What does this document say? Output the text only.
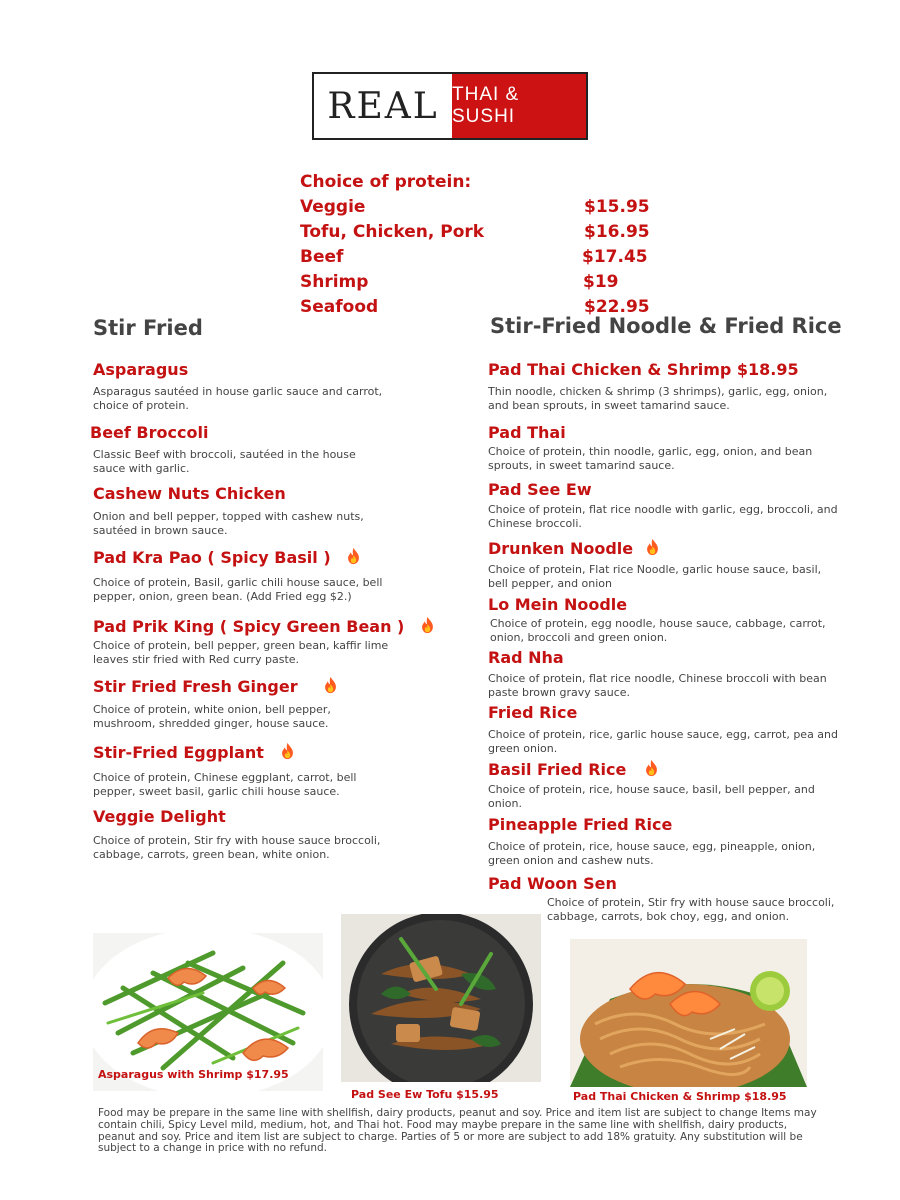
REAL THAI & SUSHI
Choice of protein:
Veggie	$15.95
Tofu, Chicken, Pork	$16.95
Beef	$17.45
Shrimp	$19
Seafood	$22.95
Stir Fried	Stir-Fried Noodle & Fried Rice
Asparagus
Asparagus sautéed in house garlic sauce and carrot, choice of protein.
Beef Broccoli
Classic Beef with broccoli, sautéed in the house sauce with garlic.
Cashew Nuts Chicken
Onion and bell pepper, topped with cashew nuts, sautéed in brown sauce.
Pad Kra Pao ( Spicy Basil )
Choice of protein, Basil, garlic chili house sauce, bell pepper, onion, green bean. (Add Fried egg $2.)
Pad Prik King ( Spicy Green Bean )
Choice of protein, bell pepper, green bean, kaffir lime leaves stir fried with Red curry paste.
Stir Fried Fresh Ginger
Choice of protein, white onion, bell pepper, mushroom, shredded ginger, house sauce.
Stir-Fried Eggplant
Choice of protein, Chinese eggplant, carrot, bell pepper, sweet basil, garlic chili house sauce.
Veggie Delight
Choice of protein, Stir fry with house sauce broccoli, cabbage, carrots, green bean, white onion.
Pad Thai Chicken & Shrimp $18.95
Thin noodle, chicken & shrimp (3 shrimps), garlic, egg, onion, and bean sprouts, in sweet tamarind sauce.
Pad Thai
Choice of protein, thin noodle, garlic, egg, onion, and bean sprouts, in sweet tamarind sauce.
Pad See Ew
Choice of protein, flat rice noodle with garlic, egg, broccoli, and Chinese broccoli.
Drunken Noodle
Choice of protein, Flat rice Noodle, garlic house sauce, basil, bell pepper, and onion
Lo Mein Noodle
Choice of protein, egg noodle, house sauce, cabbage, carrot, onion, broccoli and green onion.
Rad Nha
Choice of protein, flat rice noodle, Chinese broccoli with bean paste brown gravy sauce.
Fried Rice
Choice of protein, rice, garlic house sauce, egg, carrot, pea and green onion.
Basil Fried Rice
Choice of protein, rice, house sauce, basil, bell pepper, and onion.
Pineapple Fried Rice
Choice of protein, rice, house sauce, egg, pineapple, onion, green onion and cashew nuts.
Pad Woon Sen
Choice of protein, Stir fry with house sauce broccoli, cabbage, carrots, bok choy, egg, and onion.
Asparagus with Shrimp $17.95
Pad See Ew Tofu $15.95	Pad Thai Chicken & Shrimp $18.95
Food may be prepare in the same line with shellfish, dairy products, peanut and soy. Price and item list are subject to change Items may contain chili, Spicy Level mild, medium, hot, and Thai hot. Food may maybe prepare in the same line with shellfish, dairy products, peanut and soy. Price and item list are subject to charge. Parties of 5 or more are subject to add 18% gratuity. Any substitution will be subject to a change in price with no refund.
